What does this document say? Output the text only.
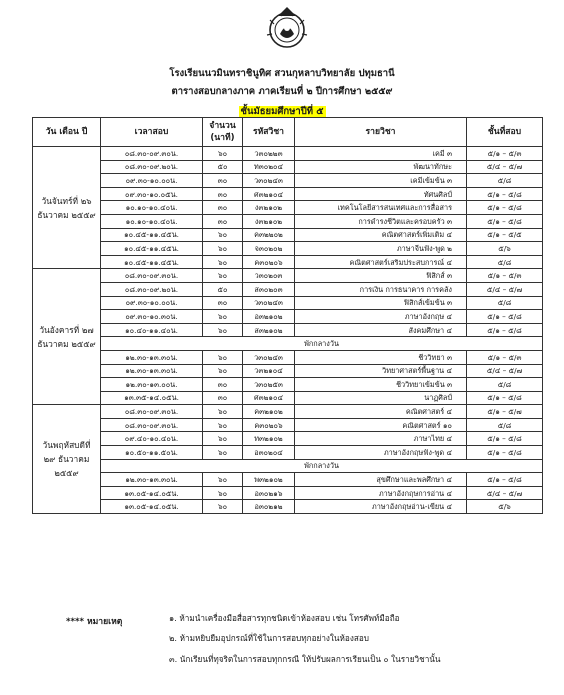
โรงเรียนนวมินทราชินูทิศ สวนกุหลาบวิทยาลัย ปทุมธานี
ตารางสอบกลางภาค ภาคเรียนที่ ๒ ปีการศึกษา ๒๕๕๙
ชั้นมัธยมศึกษาปีที่ ๕
วัน เดือน ปี	เวลาสอบ	จำนวน (นาที)	รหัสวิชา	รายวิชา	ชั้นที่สอบ
วันจันทร์ที่ ๒๖ ธันวาคม ๒๕๕๙	๐๘.๓๐-๐๙.๓๐น.	๖๐	ว๓๐๒๒๓	เคมี ๓	๕/๑ – ๕/๓
	๐๘.๓๐-๐๙.๒๐น.	๕๐	ท๓๐๒๐๔	พัฒนาทักษะ	๕/๔ – ๕/๗
	๐๙.๓๐-๑๐.๐๐น.	๓๐	ว๓๐๒๔๓	เคมีเข้มข้น ๓	๕/๘
	๐๙.๓๐-๑๐.๐๕น.	๓๐	ศ๓๒๑๐๔	ทัศนศิลป์	๕/๑ – ๕/๘
	๑๐.๑๐-๑๐.๔๐น.	๓๐	ง๓๒๑๐๒	เทคโนโลยีสารสนเทศและการสื่อสาร	๕/๑ – ๕/๘
	๑๐.๑๐-๑๐.๔๐น.	๓๐	ง๓๒๑๐๒	การดำรงชีวิตและครอบครัว ๓	๕/๑ – ๕/๘
	๑๐.๔๕-๑๑.๔๕น.	๖๐	ค๓๒๒๐๒	คณิตศาสตร์เพิ่มเติม ๔	๕/๑ – ๕/๕
	๑๐.๔๕-๑๑.๔๕น.	๖๐	จ๓๐๒๐๒	ภาษาจีนฟัง-พูด ๒	๕/๖
	๑๐.๔๕-๑๑.๔๕น.	๖๐	ค๓๐๒๐๖	คณิตศาสตร์เสริมประสบการณ์ ๔	๕/๘
วันอังคารที่ ๒๗ ธันวาคม ๒๕๕๙	๐๘.๓๐-๐๙.๓๐น.	๖๐	ว๓๐๒๐๓	ฟิสิกส์ ๓	๕/๑ – ๕/๓
	๐๘.๓๐-๐๙.๒๐น.	๕๐	ส๓๐๒๐๓	การเงิน การธนาคาร การคลัง	๕/๔ – ๕/๗
	๐๙.๓๐-๑๐.๐๐น.	๓๐	ว๓๐๒๔๓	ฟิสิกส์เข้มข้น ๓	๕/๘
	๐๙.๓๐-๑๐.๓๐น.	๖๐	อ๓๒๑๐๒	ภาษาอังกฤษ ๔	๕/๑ – ๕/๘
	๑๐.๔๐-๑๑.๔๐น.	๖๐	ส๓๒๑๐๒	สังคมศึกษา ๔	๕/๑ – ๕/๘
	พักกลางวัน				
	๑๒.๓๐-๑๓.๓๐น.	๖๐	ว๓๐๒๔๓	ชีววิทยา ๓	๕/๑ – ๕/๓
	๑๒.๓๐-๑๓.๓๐น.	๖๐	ว๓๒๑๐๔	วิทยาศาสตร์พื้นฐาน ๔	๕/๔ – ๕/๗
	๑๒.๓๐-๑๓.๐๐น.	๓๐	ว๓๐๒๕๓	ชีววิทยาเข้มข้น ๓	๕/๘
	๑๓.๓๕-๑๔.๐๕น.	๓๐	ศ๓๒๑๐๔	นาฏศิลป์	๕/๑ – ๕/๘
วันพฤหัสบดีที่ ๒๙ ธันวาคม ๒๕๕๙	๐๘.๓๐-๐๙.๓๐น.	๖๐	ค๓๒๑๐๒	คณิตศาสตร์ ๔	๕/๑ – ๕/๗
	๐๘.๓๐-๐๙.๓๐น.	๖๐	ค๓๐๒๐๖	คณิตศาสตร์ ๑๐	๕/๘
	๐๙.๔๐-๑๐.๔๐น.	๖๐	ท๓๒๑๐๒	ภาษาไทย ๔	๕/๑ – ๕/๘
	๑๐.๕๐-๑๑.๕๐น.	๖๐	อ๓๐๒๐๔	ภาษาอังกฤษฟัง-พูด ๔	๕/๑ – ๕/๘
	พักกลางวัน				
	๑๒.๓๐-๑๓.๓๐น.	๖๐	พ๓๒๑๐๒	สุขศึกษาและพลศึกษา ๔	๕/๑ – ๕/๘
	๑๓.๐๕-๑๔.๐๕น.	๖๐	อ๓๐๒๑๖	ภาษาอังกฤษการอ่าน ๔	๕/๔ – ๕/๗
	๑๓.๐๕-๑๔.๐๕น.	๖๐	อ๓๐๒๑๒	ภาษาอังกฤษอ่าน-เขียน ๔	๕/๖
**** หมายเหตุ	๑. ห้ามนำเครื่องมือสื่อสารทุกชนิดเข้าห้องสอบ เช่น โทรศัพท์มือถือ
๒. ห้ามหยิบยืมอุปกรณ์ที่ใช้ในการสอบทุกอย่างในห้องสอบ
๓. นักเรียนที่ทุจริตในการสอบทุกกรณี ให้ปรับผลการเรียนเป็น ๐ ในรายวิชานั้น
